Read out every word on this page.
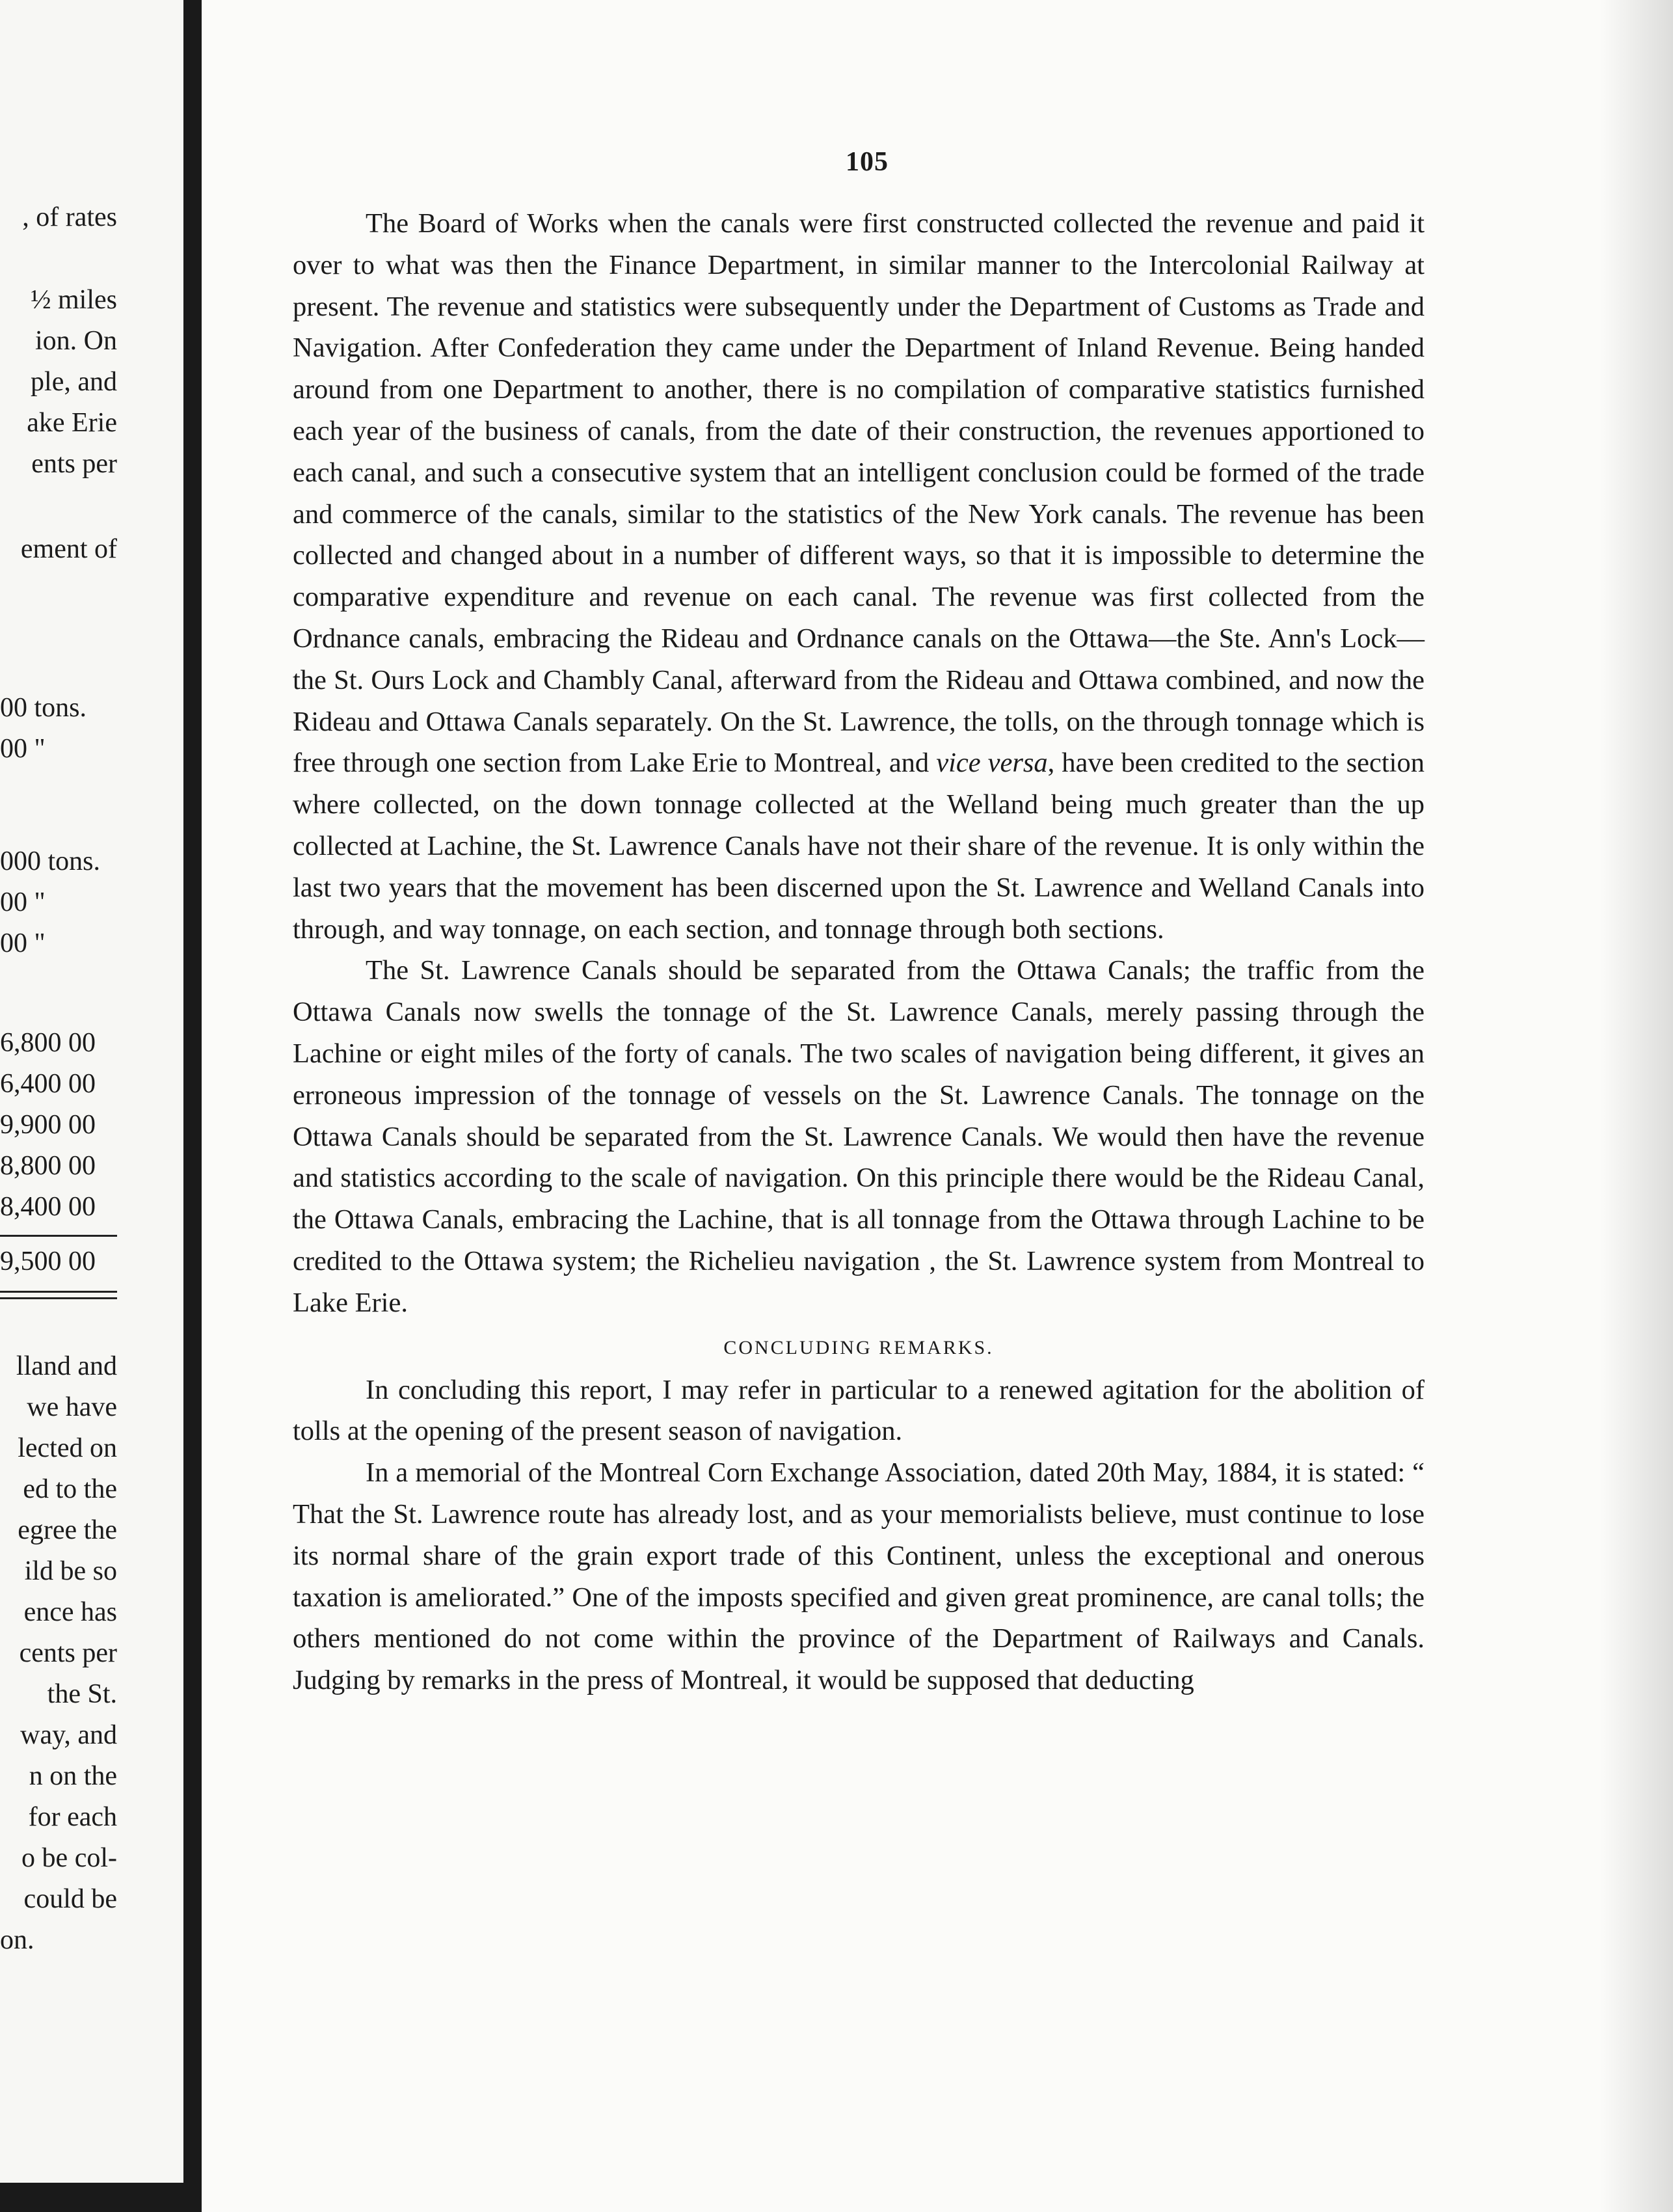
, of rates
½ miles
ion. On
ple, and
ake Erie
ents per
ement of
00 tons.
00 "
000 tons.
00 "
00 "
6,800 00
6,400 00
9,900 00
8,800 00
8,400 00
9,500 00
lland and
we have
lected on
ed to the
egree the
ild be so
ence has
cents per
the St.
way, and
n on the
for each
o be col-
could be
on.
105

The Board of Works when the canals were first constructed collected the revenue and paid it over to what was then the Finance Department, in similar manner to the Intercolonial Railway at present. The revenue and statistics were subsequently under the Department of Customs as Trade and Navigation. After Confederation they came under the Department of Inland Revenue. Being handed around from one Department to another, there is no compilation of comparative statistics furnished each year of the business of canals, from the date of their construction, the revenues apportioned to each canal, and such a consecutive system that an intelligent conclusion could be formed of the trade and commerce of the canals, similar to the statistics of the New York canals. The revenue has been collected and changed about in a number of different ways, so that it is impossible to determine the comparative expenditure and revenue on each canal. The revenue was first collected from the Ordnance canals, embracing the Rideau and Ordnance canals on the Ottawa—the Ste. Ann's Lock—the St. Ours Lock and Chambly Canal, afterward from the Rideau and Ottawa combined, and now the Rideau and Ottawa Canals separately. On the St. Lawrence, the tolls, on the through tonnage which is free through one section from Lake Erie to Montreal, and vice versa, have been credited to the section where collected, on the down tonnage collected at the Welland being much greater than the up collected at Lachine, the St. Lawrence Canals have not their share of the revenue. It is only within the last two years that the movement has been discerned upon the St. Lawrence and Welland Canals into through, and way tonnage, on each section, and tonnage through both sections.

The St. Lawrence Canals should be separated from the Ottawa Canals; the traffic from the Ottawa Canals now swells the tonnage of the St. Lawrence Canals, merely passing through the Lachine or eight miles of the forty of canals. The two scales of navigation being different, it gives an erroneous impression of the tonnage of vessels on the St. Lawrence Canals. The tonnage on the Ottawa Canals should be separated from the St. Lawrence Canals. We would then have the revenue and statistics according to the scale of navigation. On this principle there would be the Rideau Canal, the Ottawa Canals, embracing the Lachine, that is all tonnage from the Ottawa through Lachine to be credited to the Ottawa system; the Richelieu navigation , the St. Lawrence system from Montreal to Lake Erie.

CONCLUDING REMARKS.

In concluding this report, I may refer in particular to a renewed agitation for the abolition of tolls at the opening of the present season of navigation.

In a memorial of the Montreal Corn Exchange Association, dated 20th May, 1884, it is stated: “ That the St. Lawrence route has already lost, and as your memorialists believe, must continue to lose its normal share of the grain export trade of this Continent, unless the exceptional and onerous taxation is ameliorated.” One of the imposts specified and given great prominence, are canal tolls; the others mentioned do not come within the province of the Department of Railways and Canals. Judging by remarks in the press of Montreal, it would be supposed that deducting
